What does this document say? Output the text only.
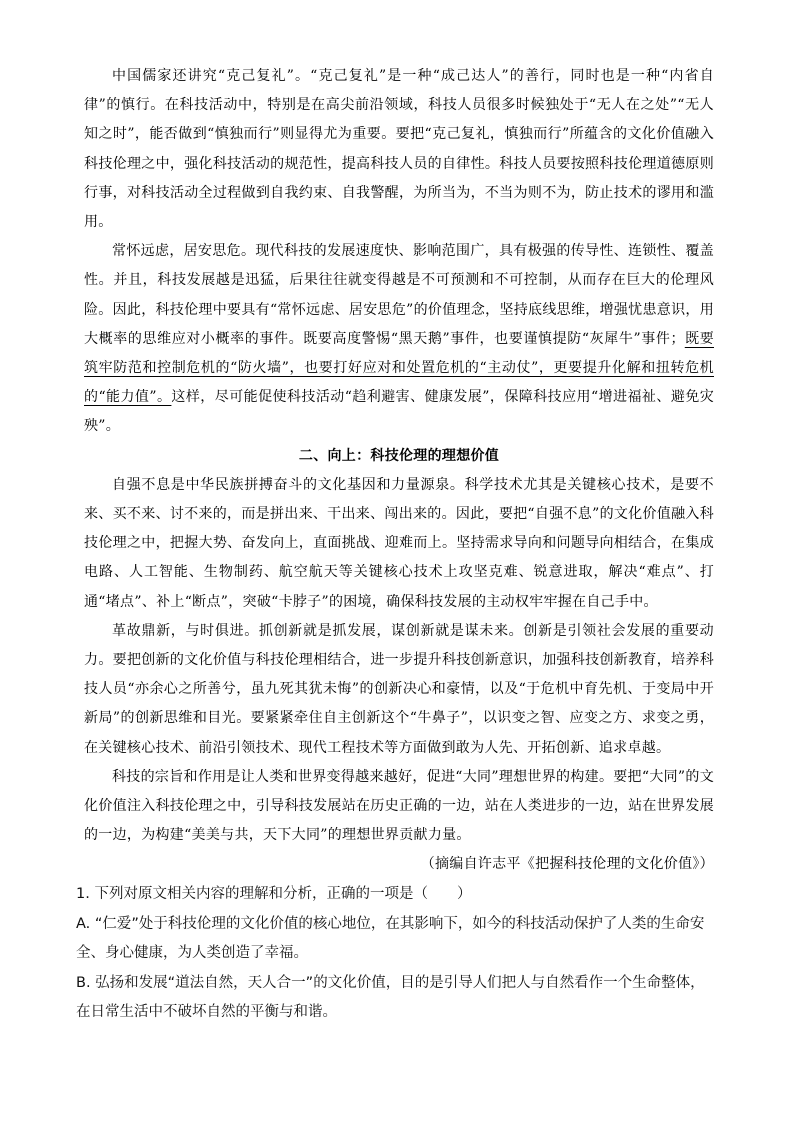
中国儒家还讲究“克己复礼”。“克己复礼”是一种“成己达人”的善行，同时也是一种“内省自律”的慎行。在科技活动中，特别是在高尖前沿领域，科技人员很多时候独处于“无人在之处”“无人知之时”，能否做到“慎独而行”则显得尤为重要。要把“克己复礼，慎独而行”所蕴含的文化价值融入科技伦理之中，强化科技活动的规范性，提高科技人员的自律性。科技人员要按照科技伦理道德原则行事，对科技活动全过程做到自我约束、自我警醒，为所当为，不当为则不为，防止技术的谬用和滥用。

常怀远虑，居安思危。现代科技的发展速度快、影响范围广，具有极强的传导性、连锁性、覆盖性。并且，科技发展越是迅猛，后果往往就变得越是不可预测和不可控制，从而存在巨大的伦理风险。因此，科技伦理中要具有“常怀远虑、居安思危”的价值理念，坚持底线思维，增强忧患意识，用大概率的思维应对小概率的事件。既要高度警惕“黑天鹅”事件，也要谨慎提防“灰犀牛”事件；既要筑牢防范和控制危机的“防火墙”，也要打好应对和处置危机的“主动仗”，更要提升化解和扭转危机的“能力值”。这样，尽可能促使科技活动“趋利避害、健康发展”，保障科技应用“增进福祉、避免灾殃”。

二、向上：科技伦理的理想价值

自强不息是中华民族拼搏奋斗的文化基因和力量源泉。科学技术尤其是关键核心技术，是要不来、买不来、讨不来的，而是拼出来、干出来、闯出来的。因此，要把“自强不息”的文化价值融入科技伦理之中，把握大势、奋发向上，直面挑战、迎难而上。坚持需求导向和问题导向相结合，在集成电路、人工智能、生物制药、航空航天等关键核心技术上攻坚克难、锐意进取，解决“难点”、打通“堵点”、补上“断点”，突破“卡脖子”的困境，确保科技发展的主动权牢牢握在自己手中。

革故鼎新，与时俱进。抓创新就是抓发展，谋创新就是谋未来。创新是引领社会发展的重要动力。要把创新的文化价值与科技伦理相结合，进一步提升科技创新意识，加强科技创新教育，培养科技人员“亦余心之所善兮，虽九死其犹未悔”的创新决心和豪情，以及“于危机中育先机、于变局中开新局”的创新思维和目光。要紧紧牵住自主创新这个“牛鼻子”，以识变之智、应变之方、求变之勇，在关键核心技术、前沿引领技术、现代工程技术等方面做到敢为人先、开拓创新、追求卓越。

科技的宗旨和作用是让人类和世界变得越来越好，促进“大同”理想世界的构建。要把“大同”的文化价值注入科技伦理之中，引导科技发展站在历史正确的一边，站在人类进步的一边，站在世界发展的一边，为构建“美美与共，天下大同”的理想世界贡献力量。

（摘编自许志平《把握科技伦理的文化价值》）

1. 下列对原文相关内容的理解和分析，正确的一项是（　　）

A. “仁爱”处于科技伦理的文化价值的核心地位，在其影响下，如今的科技活动保护了人类的生命安全、身心健康，为人类创造了幸福。

B. 弘扬和发展“道法自然，天人合一”的文化价值，目的是引导人们把人与自然看作一个生命整体，在日常生活中不破坏自然的平衡与和谐。
